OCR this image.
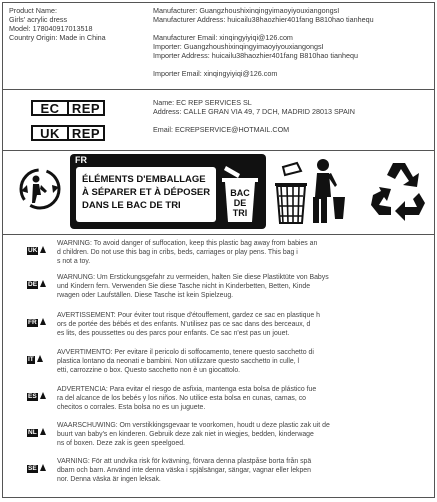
Product Name:
Girls' acrylic dress
Model: 178040917013518
Country Origin: Made in China
Manufacturer: GuangzhoushixinqingyimaoyiyouxiangongsI
Manufacturer Address: huicailu38haozhier401fang B810hao tianhequ
Manufacturer Email: xinqingyiyiqi@126.com
Importer: GuangzhoushixinqingyimaoyiyouxiangongsI
Importer Address: huicailu38haozhier401fang B810hao tianhequ
Importer Email: xinqingyiyiqi@126.com
EC REP
UK REP
Name: EC REP SERVICES SL
Address: CALLE GRAN VIA 49, 7 DCH, MADRID 28013 SPAIN
Email: ECREPSERVICE@HOTMAIL.COM
FR
ÉLÉMENTS D'EMBALLAGE
À SÉPARER ET À DÉPOSER
DANS LE BAC DE TRI
BAC
DE
TRI
UK
WARNING: To avoid danger of suffocation, keep this plastic bag away from babies an
d children. Do not use this bag in cribs, beds, carriages or play pens. This bag i
s not a toy.
DE
WARNUNG: Um Erstickungsgefahr zu vermeiden, halten Sie diese Plastiktüte von Babys
und Kindern fern. Verwenden Sie diese Tasche nicht in Kinderbetten, Betten, Kinde
rwagen oder Laufställen. Diese Tasche ist kein Spielzeug.
FR
AVERTISSEMENT: Pour éviter tout risque d'étouffement, gardez ce sac en plastique h
ors de portée des bébés et des enfants. N'utilisez pas ce sac dans des berceaux, d
es lits, des poussettes ou des parcs pour enfants. Ce sac n'est pas un jouet.
IT
AVVERTIMENTO: Per evitare il pericolo di soffocamento, tenere questo sacchetto di
plastica lontano da neonati e bambini. Non utilizzare questo sacchetto in culle, l
etti, carrozzine o box. Questo sacchetto non è un giocattolo.
ES
ADVERTENCIA: Para evitar el riesgo de asfixia, mantenga esta bolsa de plástico fue
ra del alcance de los bebés y los niños. No utilice esta bolsa en cunas, camas, co
checitos o corrales. Esta bolsa no es un juguete.
NL
WAARSCHUWING: Om verstikkingsgevaar te voorkomen, houdt u deze plastic zak uit de
buurt van baby's en kinderen. Gebruik deze zak niet in wiegjes, bedden, kinderwage
ns of boxen. Deze zak is geen speelgoed.
SE
VARNING: För att undvika risk för kvävning, förvara denna plastpåse borta från spä
dbarn och barn. Använd inte denna väska i spjälsängar, sängar, vagnar eller lekpen
nor. Denna väska är ingen leksak.
